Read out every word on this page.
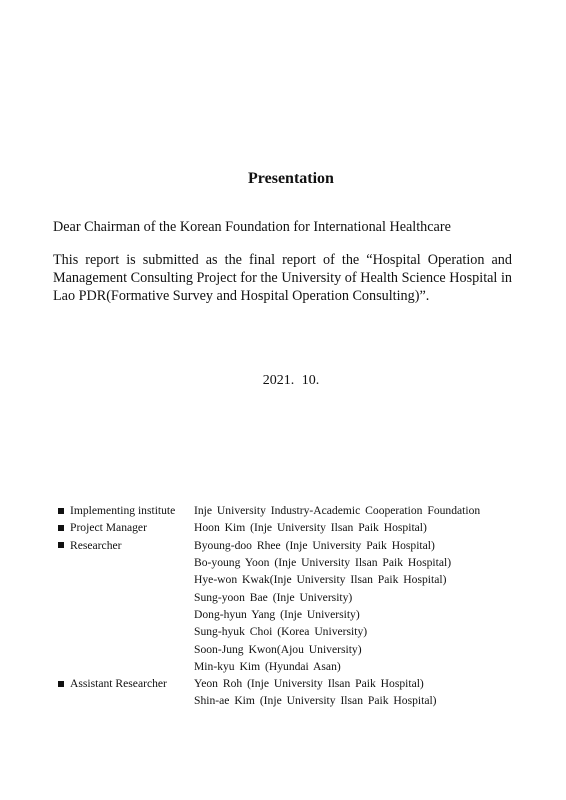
Presentation
Dear Chairman of the Korean Foundation for International Healthcare
This report is submitted as the final report of the “Hospital Operation and Management Consulting Project for the University of Health Science Hospital in Lao PDR(Formative Survey and Hospital Operation Consulting)”.
2021. 10.
Implementing institute Inje University Industry-Academic Cooperation Foundation
Project Manager	Hoon Kim (Inje University Ilsan Paik Hospital)
Researcher	Byoung-doo Rhee (Inje University Paik Hospital)
Bo-young Yoon (Inje University Ilsan Paik Hospital)
Hye-won Kwak(Inje University Ilsan Paik Hospital)
Sung-yoon Bae (Inje University)
Dong-hyun Yang (Inje University)
Sung-hyuk Choi (Korea University)
Soon-Jung Kwon(Ajou University)
Min-kyu Kim (Hyundai Asan)
Assistant Researcher Yeon Roh (Inje University Ilsan Paik Hospital)
Shin-ae Kim (Inje University Ilsan Paik Hospital)
